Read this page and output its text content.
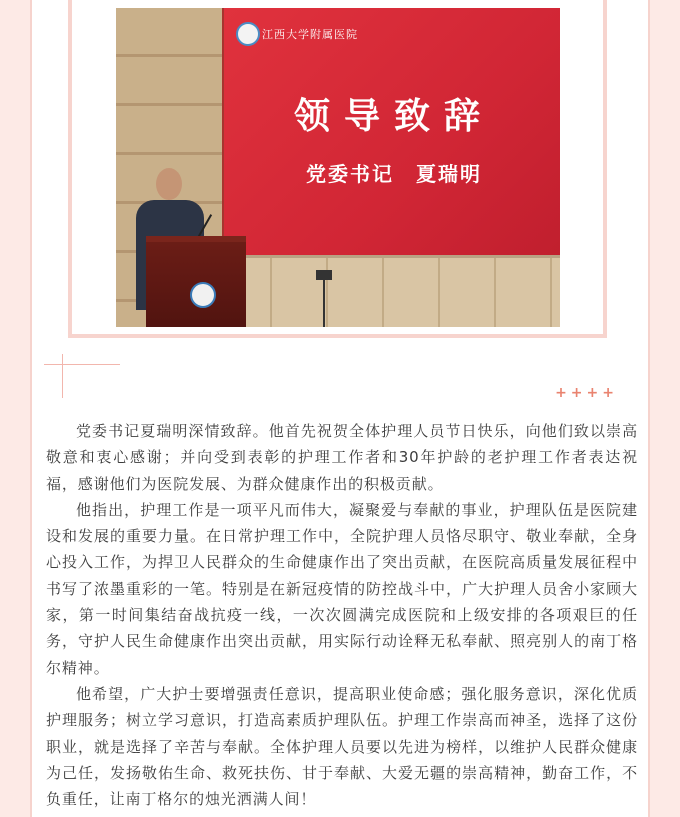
江西大学附属医院
领导致辞
党委书记　夏瑞明
++++

党委书记夏瑞明深情致辞。他首先祝贺全体护理人员节日快乐，向他们致以崇高敬意和衷心感谢；并向受到表彰的护理工作者和30年护龄的老护理工作者表达祝福，感谢他们为医院发展、为群众健康作出的积极贡献。

他指出，护理工作是一项平凡而伟大，凝聚爱与奉献的事业，护理队伍是医院建设和发展的重要力量。在日常护理工作中，全院护理人员恪尽职守、敬业奉献，全身心投入工作，为捍卫人民群众的生命健康作出了突出贡献，在医院高质量发展征程中书写了浓墨重彩的一笔。特别是在新冠疫情的防控战斗中，广大护理人员舍小家顾大家，第一时间集结奋战抗疫一线，一次次圆满完成医院和上级安排的各项艰巨的任务，守护人民生命健康作出突出贡献，用实际行动诠释无私奉献、照亮别人的南丁格尔精神。

他希望，广大护士要增强责任意识，提高职业使命感；强化服务意识，深化优质护理服务；树立学习意识，打造高素质护理队伍。护理工作崇高而神圣，选择了这份职业，就是选择了辛苦与奉献。全体护理人员要以先进为榜样，以维护人民群众健康为己任，发扬敬佑生命、救死扶伤、甘于奉献、大爱无疆的崇高精神，勤奋工作，不负重任，让南丁格尔的烛光洒满人间！
